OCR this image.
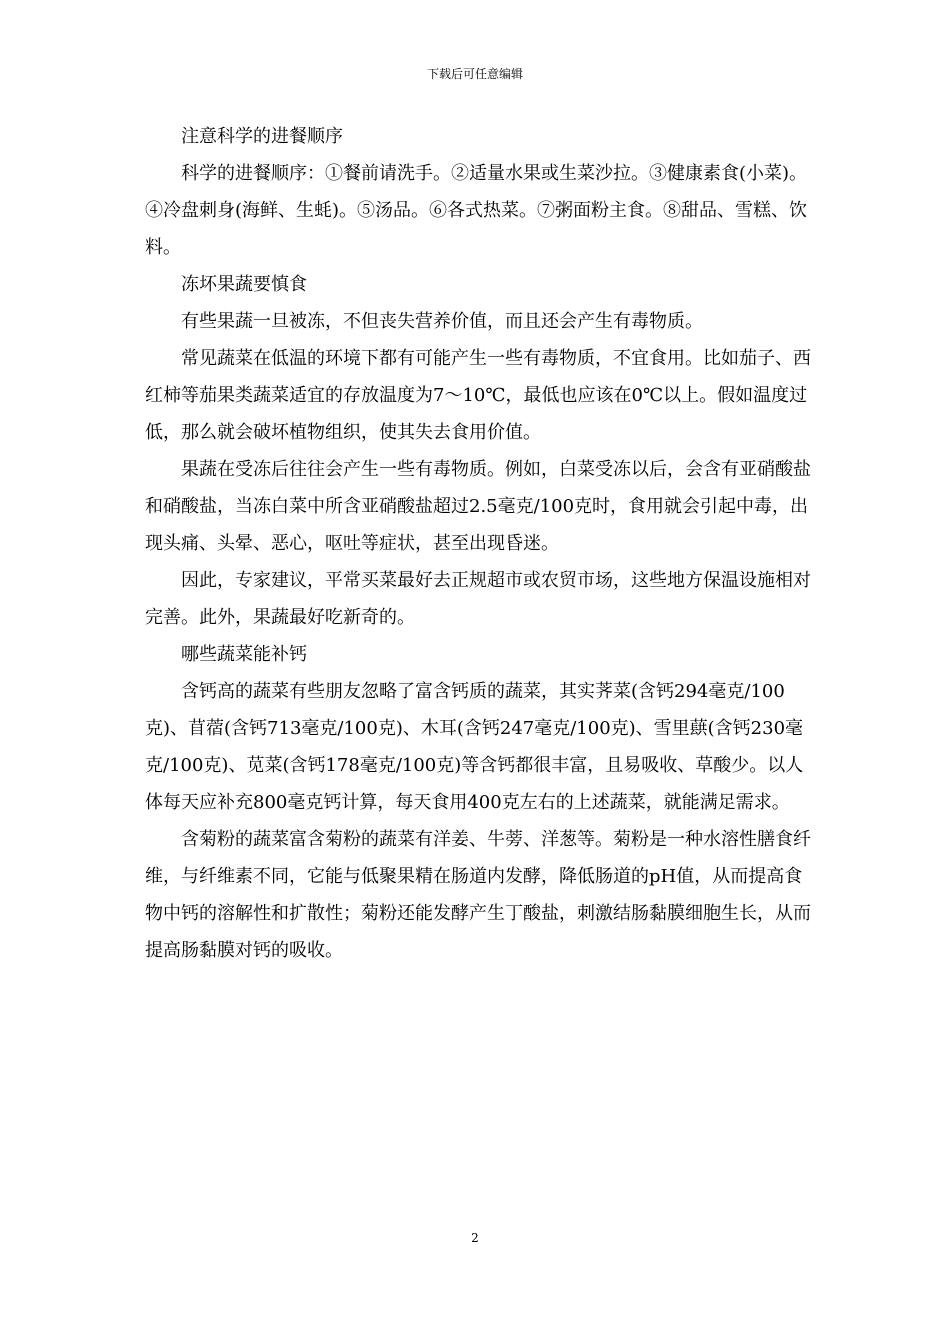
下载后可任意编辑

注意科学的进餐顺序

科学的进餐顺序：①餐前请洗手。②适量水果或生菜沙拉。③健康素食(小菜)。④冷盘刺身(海鲜、生蚝)。⑤汤品。⑥各式热菜。⑦粥面粉主食。⑧甜品、雪糕、饮料。

冻坏果蔬要慎食

有些果蔬一旦被冻，不但丧失营养价值，而且还会产生有毒物质。

常见蔬菜在低温的环境下都有可能产生一些有毒物质，不宜食用。比如茄子、西红柿等茄果类蔬菜适宜的存放温度为7～10℃，最低也应该在0℃以上。假如温度过低，那么就会破坏植物组织，使其失去食用价值。

果蔬在受冻后往往会产生一些有毒物质。例如，白菜受冻以后，会含有亚硝酸盐和硝酸盐，当冻白菜中所含亚硝酸盐超过2.5毫克/100克时，食用就会引起中毒，出现头痛、头晕、恶心，呕吐等症状，甚至出现昏迷。

因此，专家建议，平常买菜最好去正规超市或农贸市场，这些地方保温设施相对完善。此外，果蔬最好吃新奇的。

哪些蔬菜能补钙

含钙高的蔬菜有些朋友忽略了富含钙质的蔬菜，其实荠菜(含钙294毫克/100克)、苜蓿(含钙713毫克/100克)、木耳(含钙247毫克/100克)、雪里蕻(含钙230毫克/100克)、苋菜(含钙178毫克/100克)等含钙都很丰富，且易吸收、草酸少。以人体每天应补充800毫克钙计算，每天食用400克左右的上述蔬菜，就能满足需求。

含菊粉的蔬菜富含菊粉的蔬菜有洋姜、牛蒡、洋葱等。菊粉是一种水溶性膳食纤维，与纤维素不同，它能与低聚果精在肠道内发酵，降低肠道的pH值，从而提高食物中钙的溶解性和扩散性；菊粉还能发酵产生丁酸盐，刺激结肠黏膜细胞生长，从而提高肠黏膜对钙的吸收。

2
